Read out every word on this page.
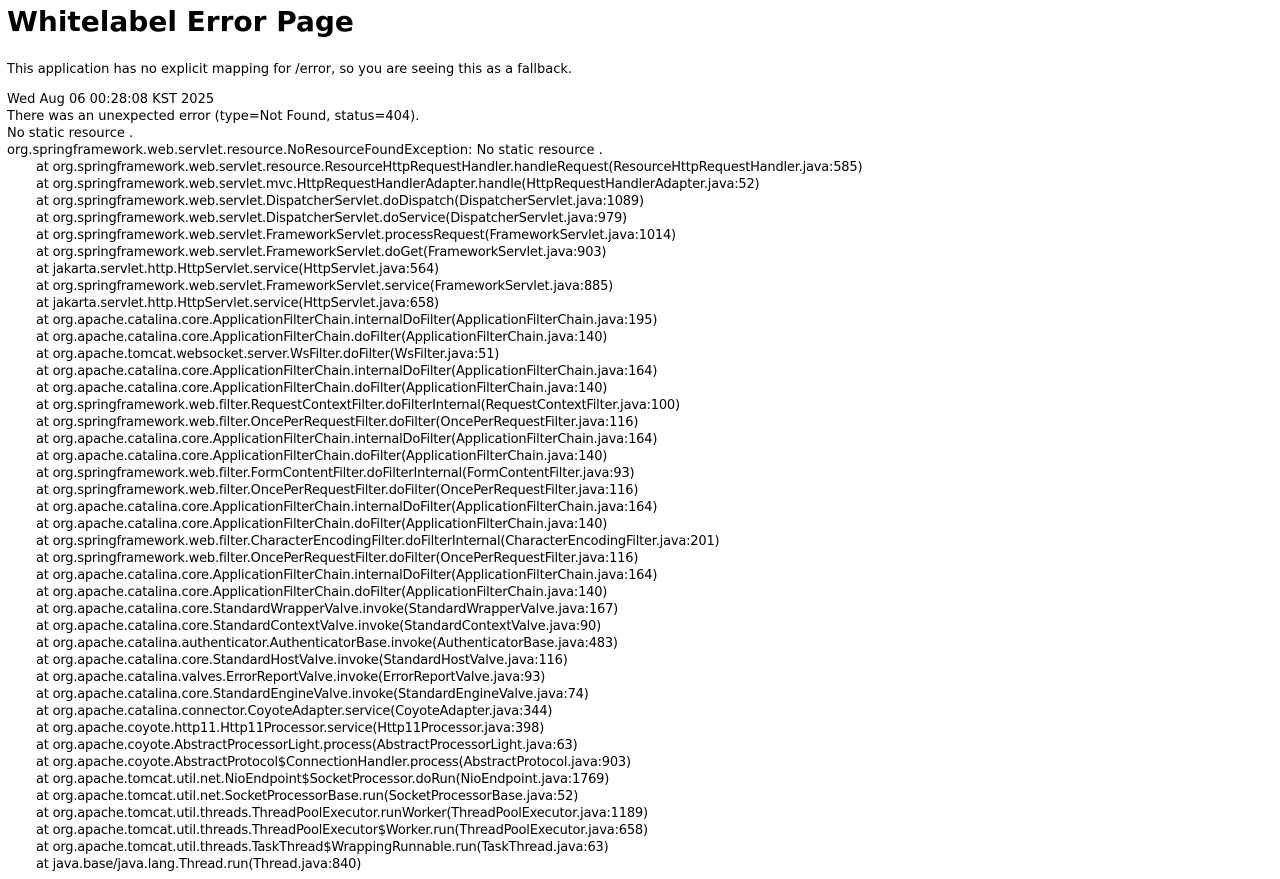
Whitelabel Error Page

This application has no explicit mapping for /error, so you are seeing this as a fallback.

Wed Aug 06 00:28:08 KST 2025
There was an unexpected error (type=Not Found, status=404).
No static resource .
org.springframework.web.servlet.resource.NoResourceFoundException: No static resource .
at org.springframework.web.servlet.resource.ResourceHttpRequestHandler.handleRequest(ResourceHttpRequestHandler.java:585)
at org.springframework.web.servlet.mvc.HttpRequestHandlerAdapter.handle(HttpRequestHandlerAdapter.java:52)
at org.springframework.web.servlet.DispatcherServlet.doDispatch(DispatcherServlet.java:1089)
at org.springframework.web.servlet.DispatcherServlet.doService(DispatcherServlet.java:979)
at org.springframework.web.servlet.FrameworkServlet.processRequest(FrameworkServlet.java:1014)
at org.springframework.web.servlet.FrameworkServlet.doGet(FrameworkServlet.java:903)
at jakarta.servlet.http.HttpServlet.service(HttpServlet.java:564)
at org.springframework.web.servlet.FrameworkServlet.service(FrameworkServlet.java:885)
at jakarta.servlet.http.HttpServlet.service(HttpServlet.java:658)
at org.apache.catalina.core.ApplicationFilterChain.internalDoFilter(ApplicationFilterChain.java:195)
at org.apache.catalina.core.ApplicationFilterChain.doFilter(ApplicationFilterChain.java:140)
at org.apache.tomcat.websocket.server.WsFilter.doFilter(WsFilter.java:51)
at org.apache.catalina.core.ApplicationFilterChain.internalDoFilter(ApplicationFilterChain.java:164)
at org.apache.catalina.core.ApplicationFilterChain.doFilter(ApplicationFilterChain.java:140)
at org.springframework.web.filter.RequestContextFilter.doFilterInternal(RequestContextFilter.java:100)
at org.springframework.web.filter.OncePerRequestFilter.doFilter(OncePerRequestFilter.java:116)
at org.apache.catalina.core.ApplicationFilterChain.internalDoFilter(ApplicationFilterChain.java:164)
at org.apache.catalina.core.ApplicationFilterChain.doFilter(ApplicationFilterChain.java:140)
at org.springframework.web.filter.FormContentFilter.doFilterInternal(FormContentFilter.java:93)
at org.springframework.web.filter.OncePerRequestFilter.doFilter(OncePerRequestFilter.java:116)
at org.apache.catalina.core.ApplicationFilterChain.internalDoFilter(ApplicationFilterChain.java:164)
at org.apache.catalina.core.ApplicationFilterChain.doFilter(ApplicationFilterChain.java:140)
at org.springframework.web.filter.CharacterEncodingFilter.doFilterInternal(CharacterEncodingFilter.java:201)
at org.springframework.web.filter.OncePerRequestFilter.doFilter(OncePerRequestFilter.java:116)
at org.apache.catalina.core.ApplicationFilterChain.internalDoFilter(ApplicationFilterChain.java:164)
at org.apache.catalina.core.ApplicationFilterChain.doFilter(ApplicationFilterChain.java:140)
at org.apache.catalina.core.StandardWrapperValve.invoke(StandardWrapperValve.java:167)
at org.apache.catalina.core.StandardContextValve.invoke(StandardContextValve.java:90)
at org.apache.catalina.authenticator.AuthenticatorBase.invoke(AuthenticatorBase.java:483)
at org.apache.catalina.core.StandardHostValve.invoke(StandardHostValve.java:116)
at org.apache.catalina.valves.ErrorReportValve.invoke(ErrorReportValve.java:93)
at org.apache.catalina.core.StandardEngineValve.invoke(StandardEngineValve.java:74)
at org.apache.catalina.connector.CoyoteAdapter.service(CoyoteAdapter.java:344)
at org.apache.coyote.http11.Http11Processor.service(Http11Processor.java:398)
at org.apache.coyote.AbstractProcessorLight.process(AbstractProcessorLight.java:63)
at org.apache.coyote.AbstractProtocol$ConnectionHandler.process(AbstractProtocol.java:903)
at org.apache.tomcat.util.net.NioEndpoint$SocketProcessor.doRun(NioEndpoint.java:1769)
at org.apache.tomcat.util.net.SocketProcessorBase.run(SocketProcessorBase.java:52)
at org.apache.tomcat.util.threads.ThreadPoolExecutor.runWorker(ThreadPoolExecutor.java:1189)
at org.apache.tomcat.util.threads.ThreadPoolExecutor$Worker.run(ThreadPoolExecutor.java:658)
at org.apache.tomcat.util.threads.TaskThread$WrappingRunnable.run(TaskThread.java:63)
at java.base/java.lang.Thread.run(Thread.java:840)
